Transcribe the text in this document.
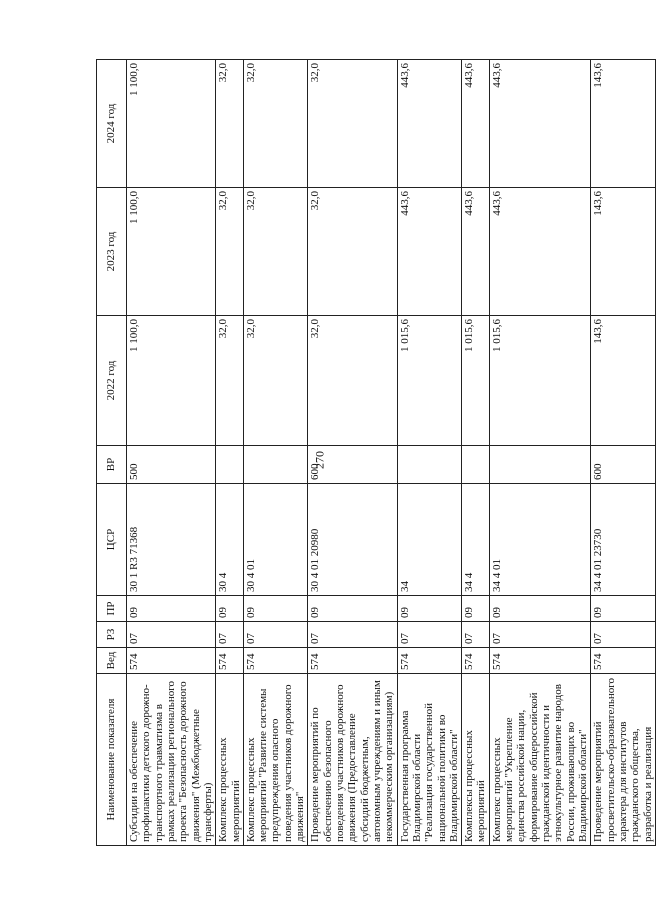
270
Наименование показателя	Вед	РЗ	ПР	ЦСР	ВР	2022 год	2023 год	2024 год
Субсидии на обеспечение профилактики детского дорожно-транспортного травматизма в рамках реализации регионального проекта "Безопасность дорожного движения" (Межбюджетные трансферты)	574	07	09	30 1 R3 71368	500	1 100,0	1 100,0	1 100,0
Комплекс процессных мероприятий	574	07	09	30 4		32,0	32,0	32,0
Комплекс процессных мероприятий "Развитие системы предупреждения опасного поведения участников дорожного движения"	574	07	09	30 4 01		32,0	32,0	32,0
Проведение мероприятий по обеспечению безопасного поведения участников дорожного движения (Предоставление субсидий бюджетным, автономным учреждениям и иным некоммерческим организациям)	574	07	09	30 4 01 20980	600	32,0	32,0	32,0
Государственная программа Владимирской области "Реализация государственной национальной политики во Владимирской области"	574	07	09	34		1 015,6	443,6	443,6
Комплексы процессных мероприятий	574	07	09	34 4		1 015,6	443,6	443,6
Комплекс процессных мероприятий "Укрепление единства российской нации, формирование общероссийской гражданской идентичности и этнокультурное развитие народов России, проживающих во Владимирской области"	574	07	09	34 4 01		1 015,6	443,6	443,6
Проведение мероприятий просветительско-образовательного характера для институтов гражданского общества, разработка и реализация	574	07	09	34 4 01 23730	600	143,6	143,6	143,6
